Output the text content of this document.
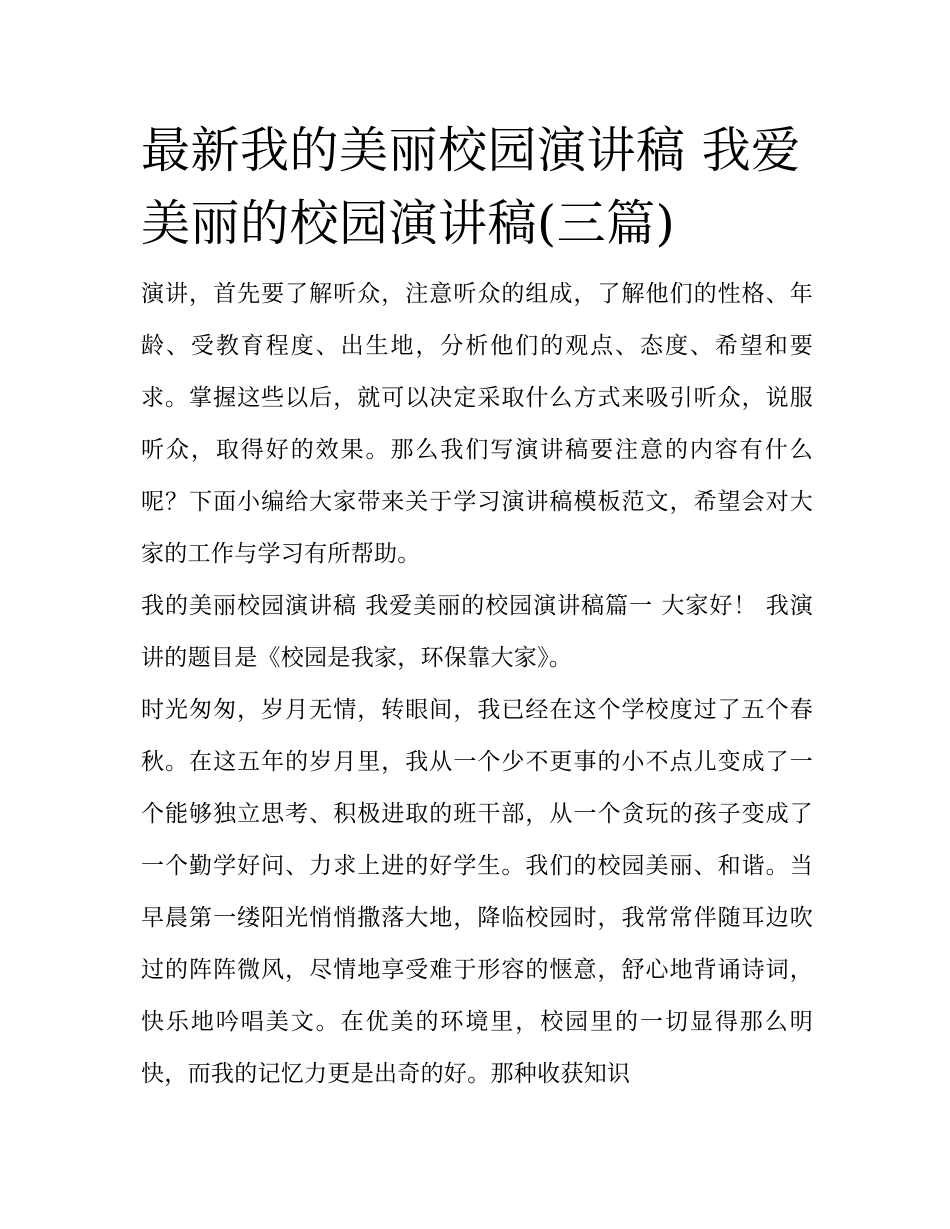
最新我的美丽校园演讲稿 我爱美丽的校园演讲稿(三篇)

演讲，首先要了解听众，注意听众的组成，了解他们的性格、年龄、受教育程度、出生地，分析他们的观点、态度、希望和要求。掌握这些以后，就可以决定采取什么方式来吸引听众，说服听众，取得好的效果。那么我们写演讲稿要注意的内容有什么呢？下面小编给大家带来关于学习演讲稿模板范文，希望会对大家的工作与学习有所帮助。

我的美丽校园演讲稿 我爱美丽的校园演讲稿篇一 大家好！ 我演讲的题目是《校园是我家，环保靠大家》。

时光匆匆，岁月无情，转眼间，我已经在这个学校度过了五个春秋。在这五年的岁月里，我从一个少不更事的小不点儿变成了一个能够独立思考、积极进取的班干部，从一个贪玩的孩子变成了一个勤学好问、力求上进的好学生。我们的校园美丽、和谐。当早晨第一缕阳光悄悄撒落大地，降临校园时，我常常伴随耳边吹过的阵阵微风，尽情地享受难于形容的惬意，舒心地背诵诗词，快乐地吟唱美文。在优美的环境里，校园里的一切显得那么明快，而我的记忆力更是出奇的好。那种收获知识
